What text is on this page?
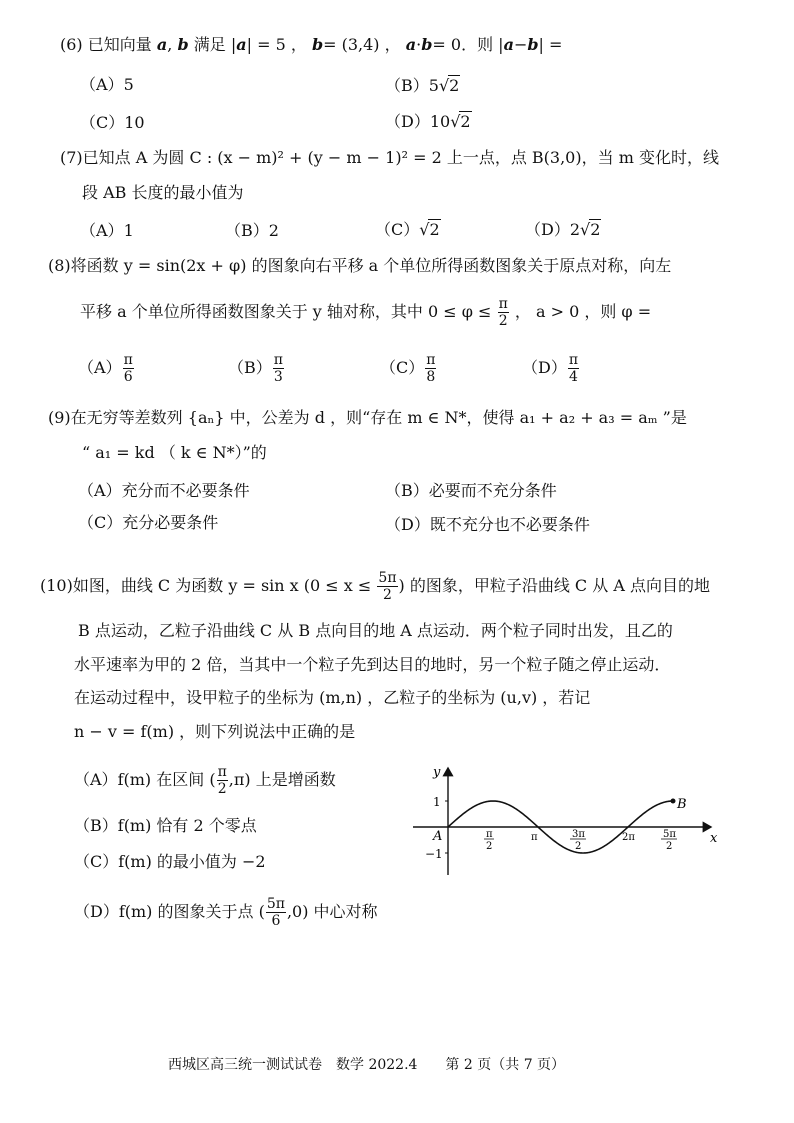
(6) 已知向量 a, b 满足 |a| = 5 ， b= (3,4) ， a·b= 0．则 |a−b| =
（A）5	（B）5√2
（C）10	（D）10√2
(7)已知点 A 为圆 C : (x − m)² + (y − m − 1)² = 2 上一点，点 B(3,0)，当 m 变化时，线
段 AB 长度的最小值为
（A）1	（B）2	（C）√2	（D）2√2
(8)将函数 y = sin(2x + φ) 的图象向右平移 a 个单位所得函数图象关于原点对称，向左
平移 a 个单位所得函数图象关于 y 轴对称，其中 $0 \le \varphi \le \frac{\pi}{2}$ ， a > 0 ，则 φ =
$(A) \frac{\pi}{6}$	$(B) \frac{\pi}{3}$	$(C) \frac{\pi}{8}$	$(D) \frac{\pi}{4}$
(9)在无穷等差数列 {aₙ} 中，公差为 d ，则“存在 m ∈ N*，使得 a₁ + a₂ + a₃ = aₘ ”是
“ a₁ = kd （ k ∈ N*）”的
（A）充分而不必要条件	（B）必要而不充分条件
（C）充分必要条件	（D）既不充分也不必要条件
(10)如图，曲线 C 为函数 y = sin x ($0 \le x \le \frac{5\pi}{2}$ ) 的图象，甲粒子沿曲线 C 从 A 点向目的地
B 点运动，乙粒子沿曲线 C 从 B 点向目的地 A 点运动．两个粒子同时出发，且乙的
水平速率为甲的 2 倍，当其中一个粒子先到达目的地时，另一个粒子随之停止运动．
在运动过程中，设甲粒子的坐标为 (m,n) ，乙粒子的坐标为 (u,v) ，若记
n − v = f(m) ，则下列说法中正确的是
（A）f(m) 在区间 ( $\frac{\pi}{2} ,\pi$) 上是增函数
（B）f(m) 恰有 2 个零点
（C）f(m) 的最小值为 −2
（D）f(m) 的图象关于点 ( $\frac{5\pi}{6} ,0$) 中心对称
y
x
A
B
1
−1
π
2
π	3π
2
2π	5π
2
西城区高三统一测试试卷　数学 2022.4　　第 2 页（共 7 页）
